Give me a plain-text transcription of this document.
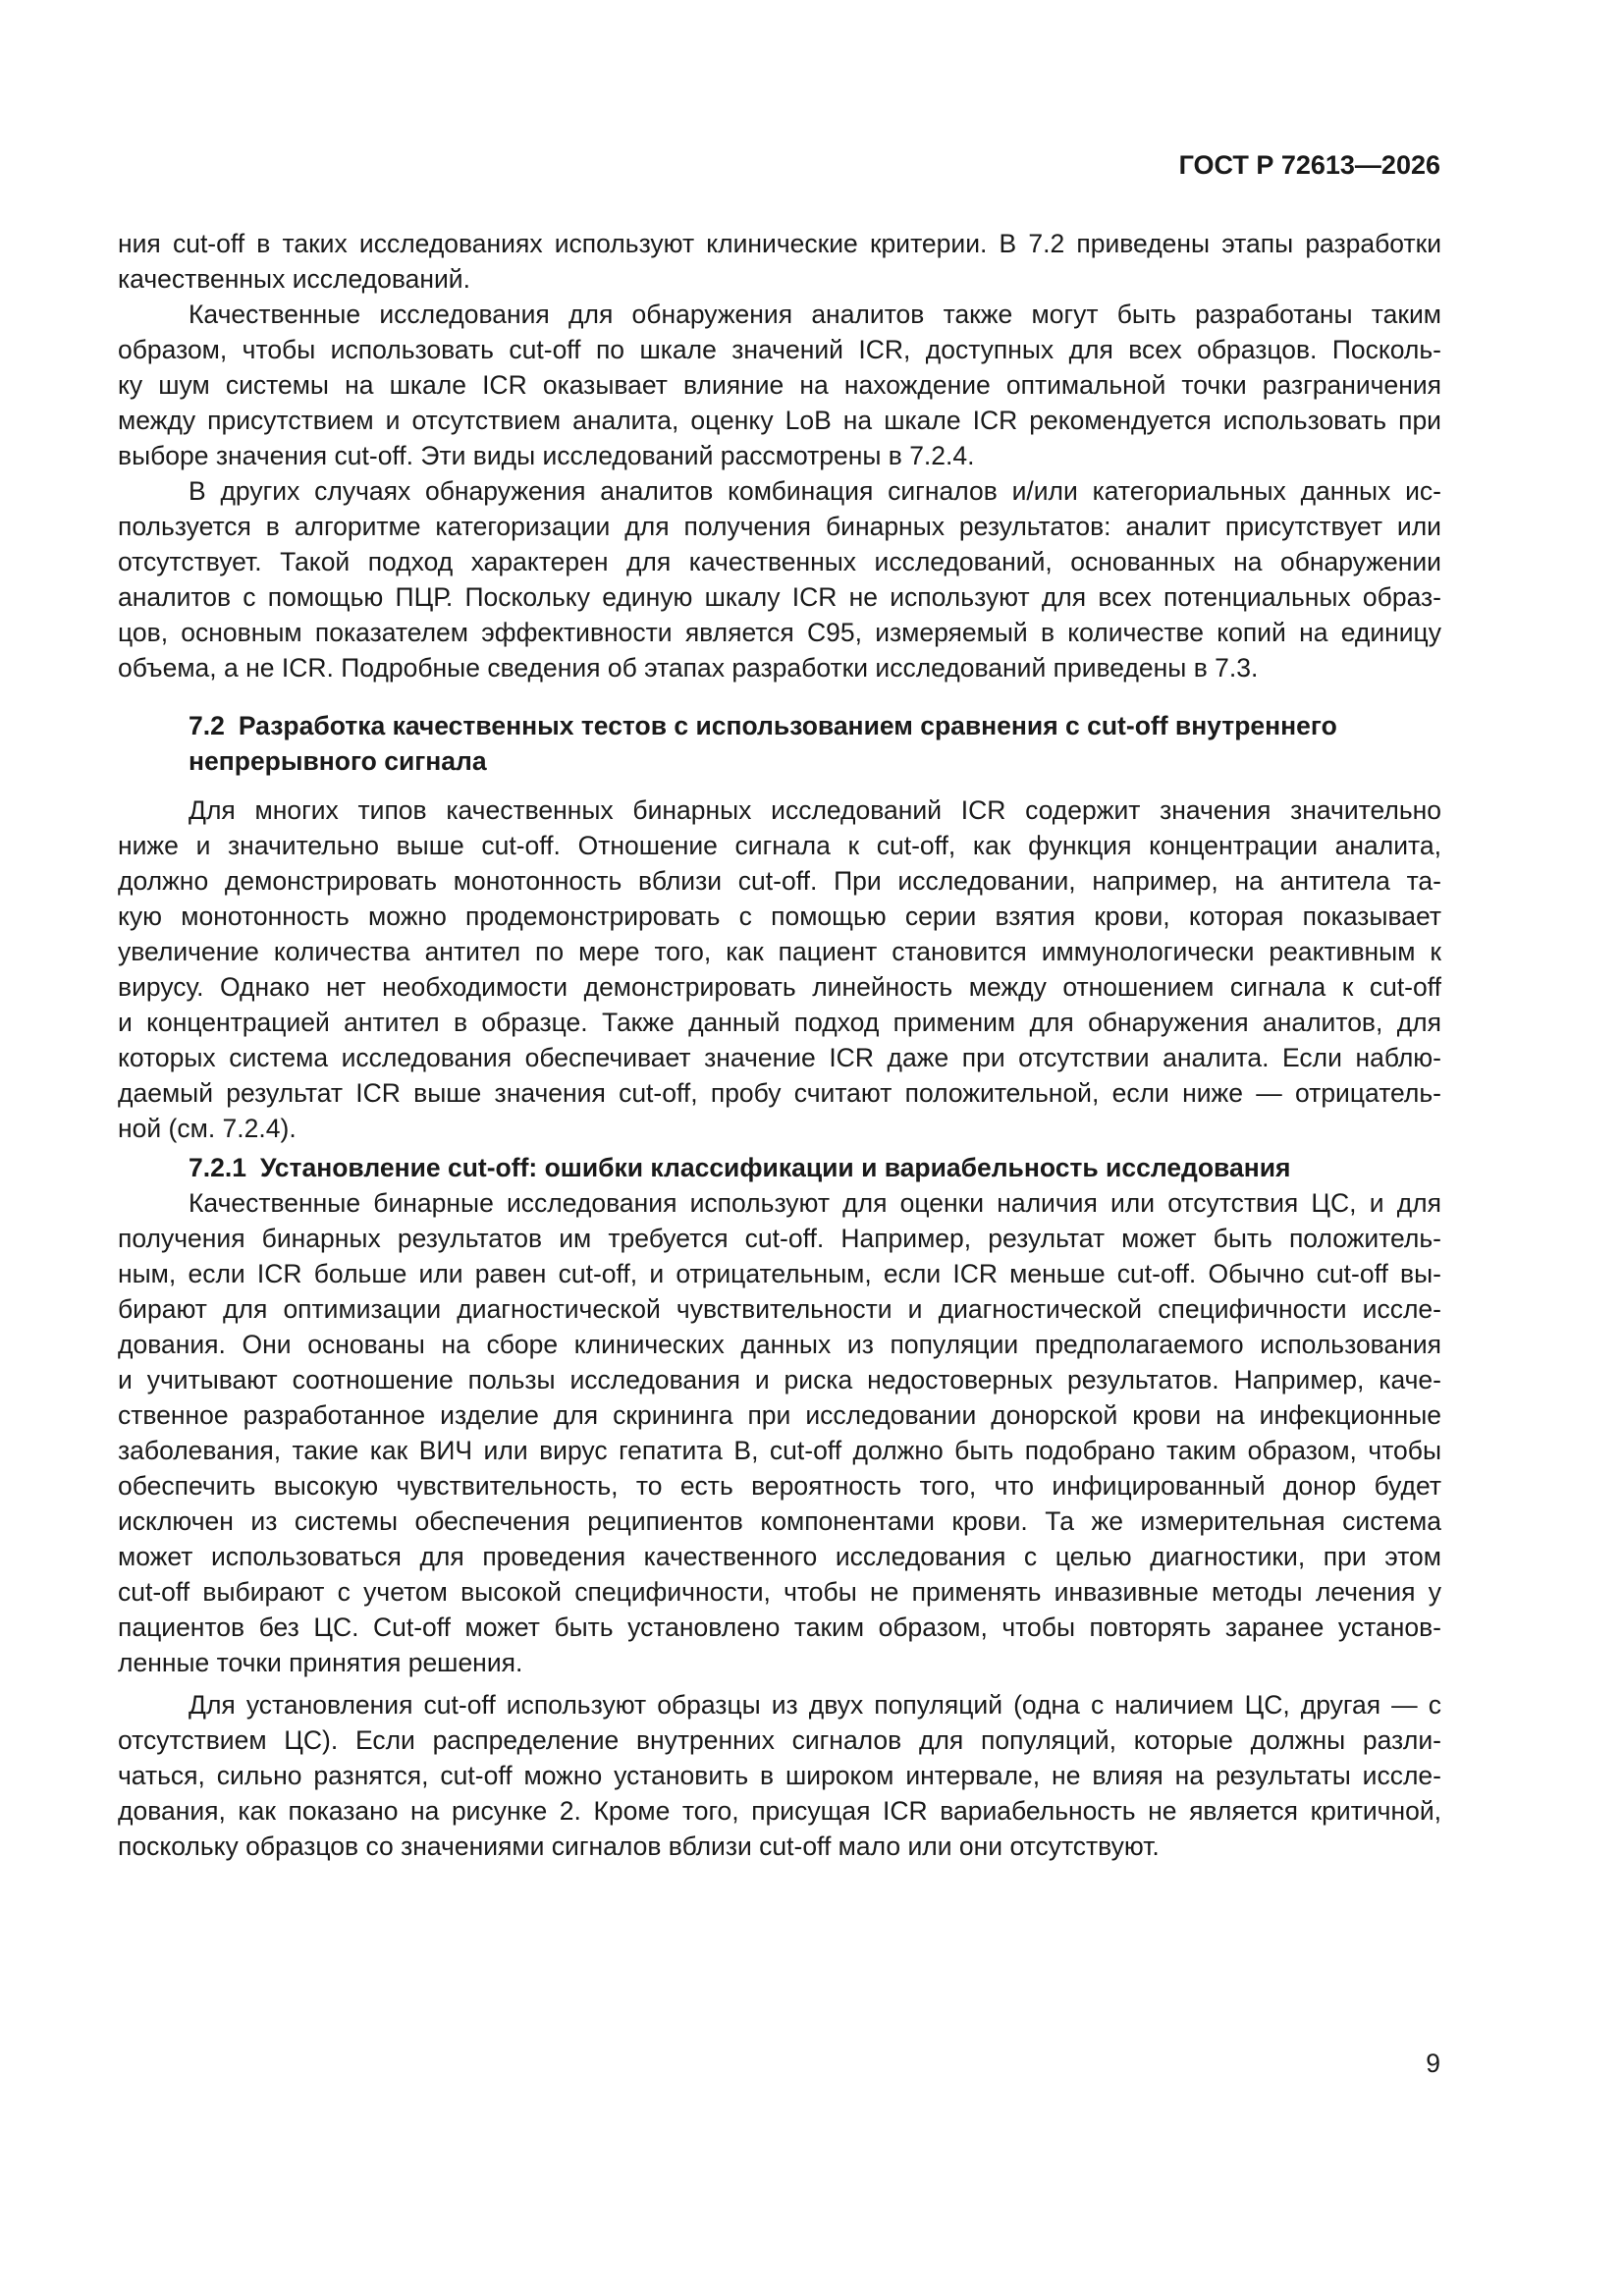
ГОСТ Р 72613—2026

ния cut-off в таких исследованиях используют клинические критерии. В 7.2 приведены этапы разработки
качественных исследований.

Качественные исследования для обнаружения аналитов также могут быть разработаны таким
образом, чтобы использовать cut-off по шкале значений ICR, доступных для всех образцов. Посколь-
ку шум системы на шкале ICR оказывает влияние на нахождение оптимальной точки разграничения
между присутствием и отсутствием аналита, оценку LoB на шкале ICR рекомендуется использовать при
выборе значения cut-off. Эти виды исследований рассмотрены в 7.2.4.

В других случаях обнаружения аналитов комбинация сигналов и/или категориальных данных ис-
пользуется в алгоритме категоризации для получения бинарных результатов: аналит присутствует или
отсутствует. Такой подход характерен для качественных исследований, основанных на обнаружении
аналитов с помощью ПЦР. Поскольку единую шкалу ICR не используют для всех потенциальных образ-
цов, основным показателем эффективности является C95, измеряемый в количестве копий на единицу
объема, а не ICR. Подробные сведения об этапах разработки исследований приведены в 7.3.

7.2 Разработка качественных тестов с использованием сравнения с cut-off внутреннего
непрерывного сигнала

Для многих типов качественных бинарных исследований ICR содержит значения значительно
ниже и значительно выше cut-off. Отношение сигнала к cut-off, как функция концентрации аналита,
должно демонстрировать монотонность вблизи cut-off. При исследовании, например, на антитела та-
кую монотонность можно продемонстрировать с помощью серии взятия крови, которая показывает
увеличение количества антител по мере того, как пациент становится иммунологически реактивным к
вирусу. Однако нет необходимости демонстрировать линейность между отношением сигнала к cut-off
и концентрацией антител в образце. Также данный подход применим для обнаружения аналитов, для
которых система исследования обеспечивает значение ICR даже при отсутствии аналита. Если наблю-
даемый результат ICR выше значения cut-off, пробу считают положительной, если ниже — отрицатель-
ной (см. 7.2.4).

7.2.1 Установление cut-off: ошибки классификации и вариабельность исследования

Качественные бинарные исследования используют для оценки наличия или отсутствия ЦС, и для
получения бинарных результатов им требуется cut-off. Например, результат может быть положитель-
ным, если ICR больше или равен cut-off, и отрицательным, если ICR меньше cut-off. Обычно cut-off вы-
бирают для оптимизации диагностической чувствительности и диагностической специфичности иссле-
дования. Они основаны на сборе клинических данных из популяции предполагаемого использования
и учитывают соотношение пользы исследования и риска недостоверных результатов. Например, каче-
ственное разработанное изделие для скрининга при исследовании донорской крови на инфекционные
заболевания, такие как ВИЧ или вирус гепатита В, cut-off должно быть подобрано таким образом, чтобы
обеспечить высокую чувствительность, то есть вероятность того, что инфицированный донор будет
исключен из системы обеспечения реципиентов компонентами крови. Та же измерительная система
может использоваться для проведения качественного исследования с целью диагностики, при этом
cut-off выбирают с учетом высокой специфичности, чтобы не применять инвазивные методы лечения у
пациентов без ЦС. Cut-off может быть установлено таким образом, чтобы повторять заранее установ-
ленные точки принятия решения.

Для установления cut-off используют образцы из двух популяций (одна с наличием ЦС, другая — с
отсутствием ЦС). Если распределение внутренних сигналов для популяций, которые должны разли-
чаться, сильно разнятся, cut-off можно установить в широком интервале, не влияя на результаты иссле-
дования, как показано на рисунке 2. Кроме того, присущая ICR вариабельность не является критичной,
поскольку образцов со значениями сигналов вблизи cut-off мало или они отсутствуют.

9
